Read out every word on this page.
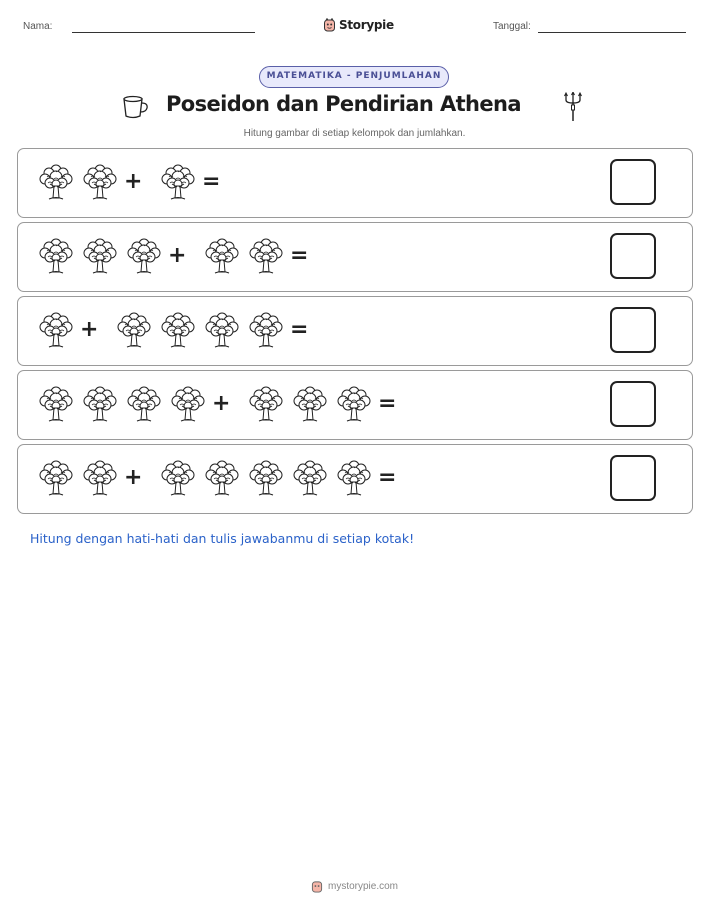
Nama:	Storypie	Tanggal:
MATEMATIKA - PENJUMLAHAN
Poseidon dan Pendirian Athena
Hitung gambar di setiap kelompok dan jumlahkan.
+	=
+	=
+	=
+	=
+	=
Hitung dengan hati-hati dan tulis jawabanmu di setiap kotak!
mystorypie.com
